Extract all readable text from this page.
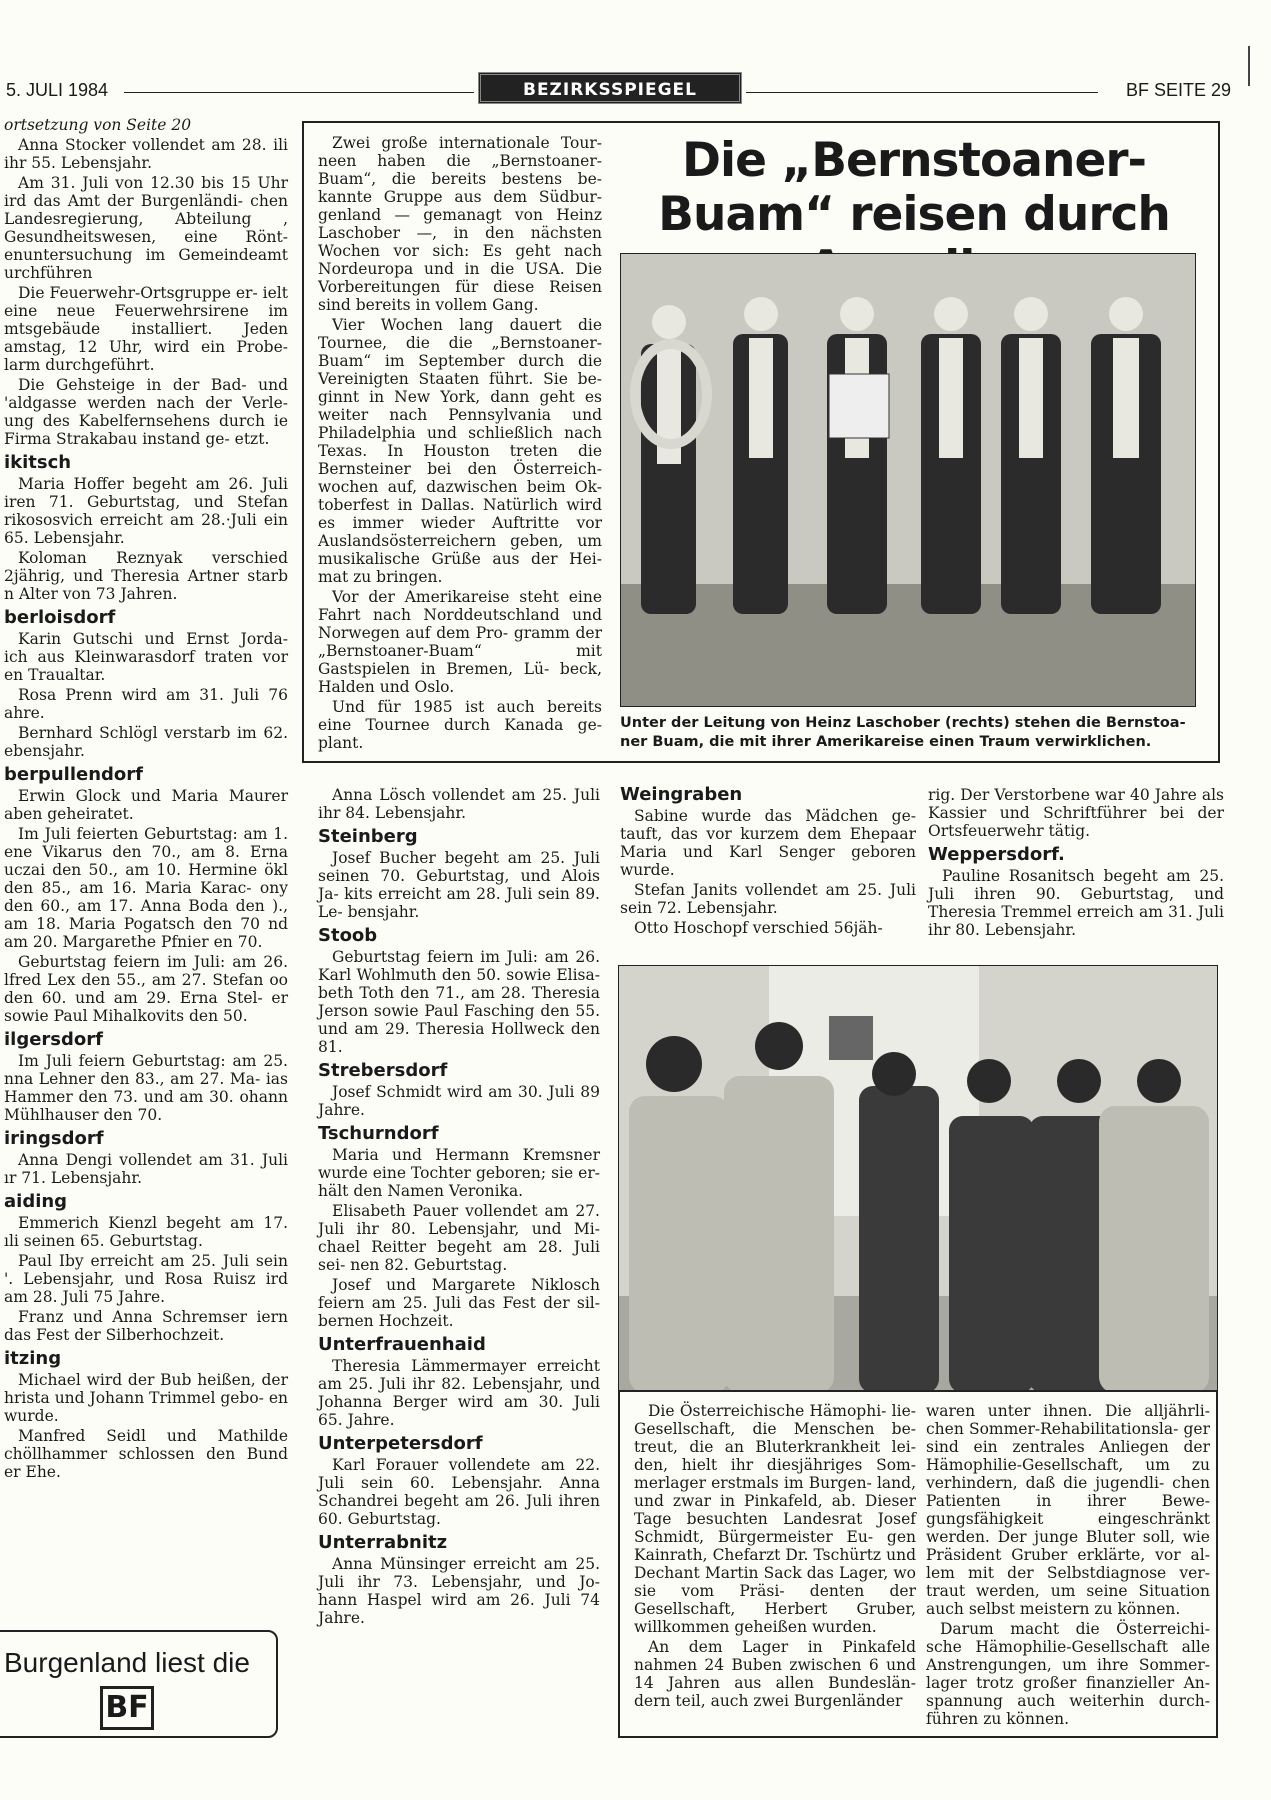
5. JULI 1984	BEZIRKSSPIEGEL	BF SEITE 29

ortsetzung von Seite 20

Anna Stocker vollendet am 28. ili ihr 55. Lebensjahr.

Am 31. Juli von 12.30 bis 15 Uhr ird das Amt der Burgenländi- chen Landesregierung, Abteilung , Gesundheitswesen, eine Rönt- enuntersuchung im Gemeindeamt urchführen

Die Feuerwehr-Ortsgruppe er- ielt eine neue Feuerwehrsirene im mtsgebäude installiert. Jeden amstag, 12 Uhr, wird ein Probe- larm durchgeführt.

Die Gehsteige in der Bad- und 'aldgasse werden nach der Verle- ung des Kabelfernsehens durch ie Firma Strakabau instand ge- etzt.

ikitsch

Maria Hoffer begeht am 26. Juli iren 71. Geburtstag, und Stefan rikososvich erreicht am 28.·Juli ein 65. Lebensjahr.

Koloman Reznyak verschied 2jährig, und Theresia Artner starb n Alter von 73 Jahren.

berloisdorf

Karin Gutschi und Ernst Jorda- ich aus Kleinwarasdorf traten vor en Traualtar.

Rosa Prenn wird am 31. Juli 76 ahre.

Bernhard Schlögl verstarb im 62. ebensjahr.

berpullendorf

Erwin Glock und Maria Maurer aben geheiratet.

Im Juli feierten Geburtstag: am 1. ene Vikarus den 70., am 8. Erna uczai den 50., am 10. Hermine ökl den 85., am 16. Maria Karac- ony den 60., am 17. Anna Boda den )., am 18. Maria Pogatsch den 70 nd am 20. Margarethe Pfnier en 70.

Geburtstag feiern im Juli: am 26. lfred Lex den 55., am 27. Stefan oo den 60. und am 29. Erna Stel- er sowie Paul Mihalkovits den 50.

ilgersdorf

Im Juli feiern Geburtstag: am 25. nna Lehner den 83., am 27. Ma- ias Hammer den 73. und am 30. ohann Mühlhauser den 70.

iringsdorf

Anna Dengi vollendet am 31. Juli ır 71. Lebensjahr.

aiding

Emmerich Kienzl begeht am 17. ıli seinen 65. Geburtstag.

Paul Iby erreicht am 25. Juli sein '. Lebensjahr, und Rosa Ruisz ird am 28. Juli 75 Jahre.

Franz und Anna Schremser iern das Fest der Silberhochzeit.

itzing

Michael wird der Bub heißen, der hrista und Johann Trimmel gebo- en wurde.

Manfred Seidl und Mathilde chöllhammer schlossen den Bund er Ehe.

Burgenland liest die
BF

Zwei große internationale Tour- neen haben die „Bernstoaner- Buam“, die bereits bestens be- kannte Gruppe aus dem Südbur- genland — gemanagt von Heinz Laschober —, in den nächsten Wochen vor sich: Es geht nach Nordeuropa und in die USA. Die Vorbereitungen für diese Reisen sind bereits in vollem Gang.

Vier Wochen lang dauert die Tournee, die die „Bernstoaner- Buam“ im September durch die Vereinigten Staaten führt. Sie be- ginnt in New York, dann geht es weiter nach Pennsylvania und Philadelphia und schließlich nach Texas. In Houston treten die Bernsteiner bei den Österreich- wochen auf, dazwischen beim Ok- toberfest in Dallas. Natürlich wird es immer wieder Auftritte vor Auslandsösterreichern geben, um musikalische Grüße aus der Hei- mat zu bringen.

Vor der Amerikareise steht eine Fahrt nach Norddeutschland und Norwegen auf dem Pro- gramm der „Bernstoaner-Buam“ mit Gastspielen in Bremen, Lü- beck, Halden und Oslo.

Und für 1985 ist auch bereits eine Tournee durch Kanada ge- plant.

Die „Bernstoaner-Buam“ reisen durch
Unter der Leitung von Heinz Laschober (rechts) stehen die Bernstoa- ner Buam, die mit ihrer Amerikareise einen Traum verwirklichen.

Anna Lösch vollendet am 25. Juli ihr 84. Lebensjahr.

Steinberg

Josef Bucher begeht am 25. Juli seinen 70. Geburtstag, und Alois Ja- kits erreicht am 28. Juli sein 89. Le- bensjahr.

Stoob

Geburtstag feiern im Juli: am 26. Karl Wohlmuth den 50. sowie Elisa- beth Toth den 71., am 28. Theresia Jerson sowie Paul Fasching den 55. und am 29. Theresia Hollweck den 81.

Strebersdorf

Josef Schmidt wird am 30. Juli 89 Jahre.

Tschurndorf

Maria und Hermann Kremsner wurde eine Tochter geboren; sie er- hält den Namen Veronika.

Elisabeth Pauer vollendet am 27. Juli ihr 80. Lebensjahr, und Mi- chael Reitter begeht am 28. Juli sei- nen 82. Geburtstag.

Josef und Margarete Niklosch feiern am 25. Juli das Fest der sil- bernen Hochzeit.

Unterfrauenhaid

Theresia Lämmermayer erreicht am 25. Juli ihr 82. Lebensjahr, und Johanna Berger wird am 30. Juli 65. Jahre.

Unterpetersdorf

Karl Forauer vollendete am 22. Juli sein 60. Lebensjahr. Anna Schandrei begeht am 26. Juli ihren 60. Geburtstag.

Unterrabnitz

Anna Münsinger erreicht am 25. Juli ihr 73. Lebensjahr, und Jo- hann Haspel wird am 26. Juli 74 Jahre.

Weingraben

Sabine wurde das Mädchen ge- tauft, das vor kurzem dem Ehepaar Maria und Karl Senger geboren wurde.

Stefan Janits vollendet am 25. Juli sein 72. Lebensjahr.

Otto Hoschopf verschied 56jäh-

rig. Der Verstorbene war 40 Jahre als Kassier und Schriftführer bei der Ortsfeuerwehr tätig.

Weppersdorf.

Pauline Rosanitsch begeht am 25. Juli ihren 90. Geburtstag, und Theresia Tremmel erreich am 31. Juli ihr 80. Lebensjahr.

Die Österreichische Hämophi- lie-Gesellschaft, die Menschen be- treut, die an Bluterkrankheit lei- den, hielt ihr diesjähriges Som- merlager erstmals im Burgen- land, und zwar in Pinkafeld, ab. Dieser Tage besuchten Landesrat Josef Schmidt, Bürgermeister Eu- gen Kainrath, Chefarzt Dr. Tschürtz und Dechant Martin Sack das Lager, wo sie vom Präsi- denten der Gesellschaft, Herbert Gruber, willkommen geheißen wurden.

An dem Lager in Pinkafeld nahmen 24 Buben zwischen 6 und 14 Jahren aus allen Bundeslän- dern teil, auch zwei Burgenländer

waren unter ihnen. Die alljährli- chen Sommer-Rehabilitationsla- ger sind ein zentrales Anliegen der Hämophilie-Gesellschaft, um zu verhindern, daß die jugendli- chen Patienten in ihrer Bewe- gungsfähigkeit eingeschränkt werden. Der junge Bluter soll, wie Präsident Gruber erklärte, vor al- lem mit der Selbstdiagnose ver- traut werden, um seine Situation auch selbst meistern zu können.

Darum macht die Österreichi- sche Hämophilie-Gesellschaft alle Anstrengungen, um ihre Sommer- lager trotz großer finanzieller An- spannung auch weiterhin durch- führen zu können.
